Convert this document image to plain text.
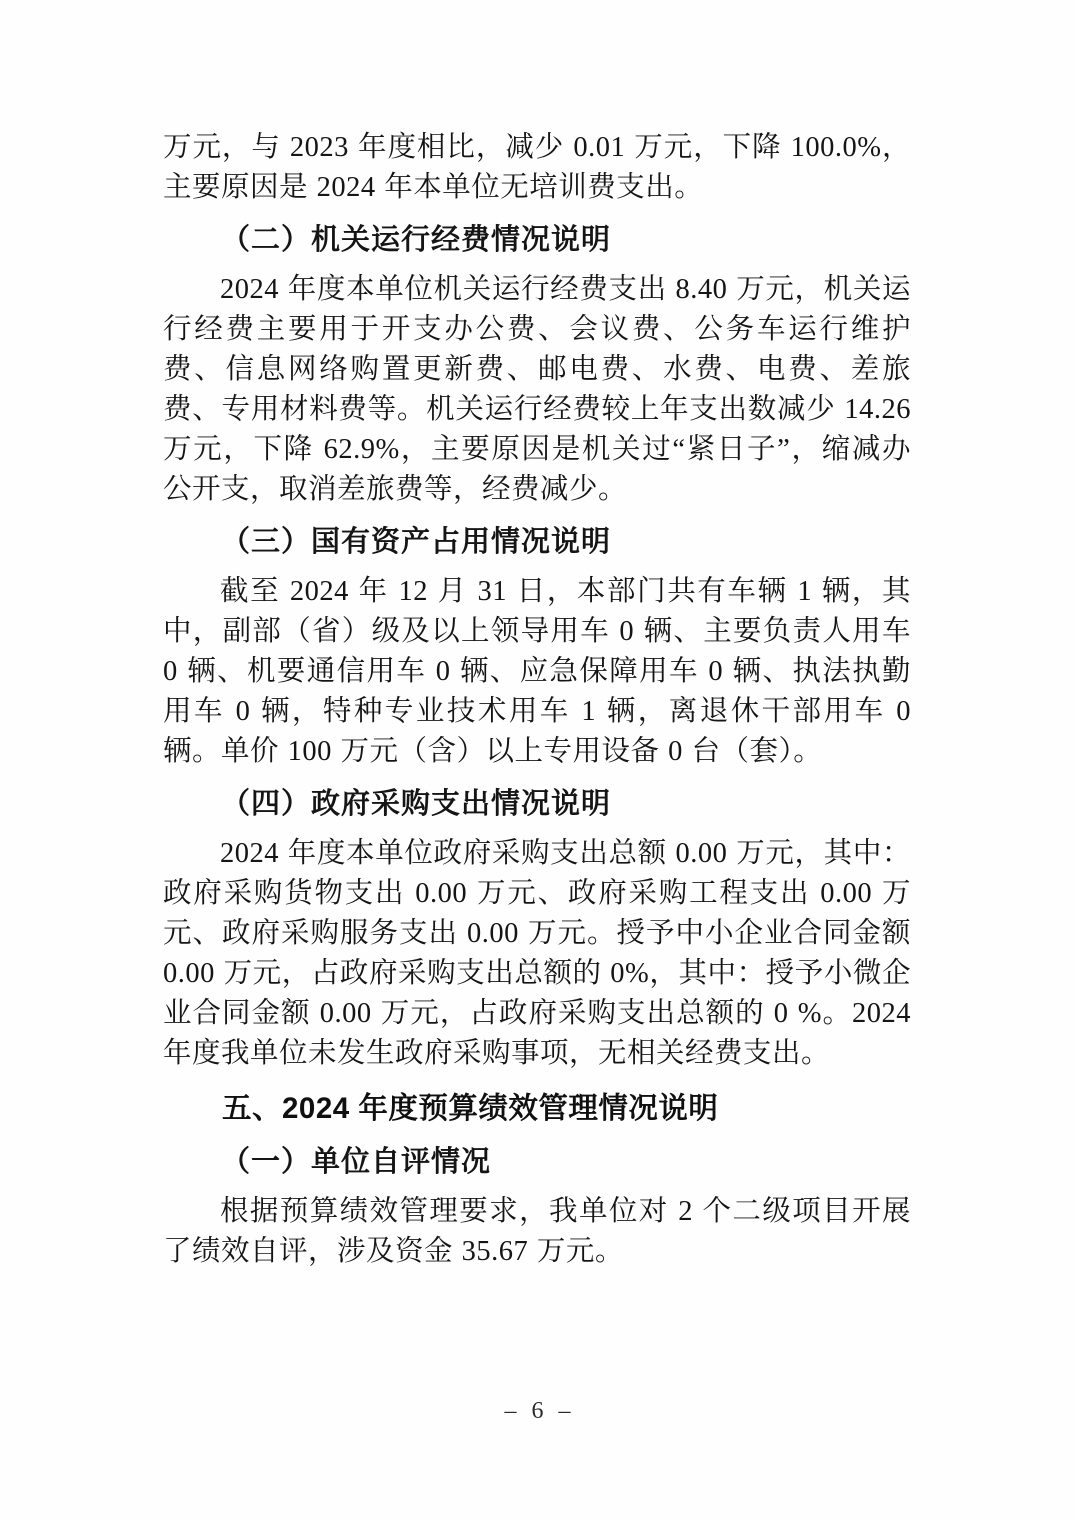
万元，与 2023 年度相比，减少 0.01 万元，下降 100.0%，主要原因是 2024 年本单位无培训费支出。

（二）机关运行经费情况说明

2024 年度本单位机关运行经费支出 8.40 万元，机关运行经费主要用于开支办公费、会议费、公务车运行维护费、信息网络购置更新费、邮电费、水费、电费、差旅费、专用材料费等。机关运行经费较上年支出数减少 14.26 万元，下降 62.9%，主要原因是机关过“紧日子”，缩减办公开支，取消差旅费等，经费减少。

（三）国有资产占用情况说明

截至 2024 年 12 月 31 日，本部门共有车辆 1 辆，其中，副部（省）级及以上领导用车 0 辆、主要负责人用车 0 辆、机要通信用车 0 辆、应急保障用车 0 辆、执法执勤用车 0 辆，特种专业技术用车 1 辆，离退休干部用车 0 辆。单价 100 万元（含）以上专用设备 0 台（套）。

（四）政府采购支出情况说明

2024 年度本单位政府采购支出总额 0.00 万元，其中：政府采购货物支出 0.00 万元、政府采购工程支出 0.00 万元、政府采购服务支出 0.00 万元。授予中小企业合同金额 0.00 万元，占政府采购支出总额的 0%，其中：授予小微企业合同金额 0.00 万元，占政府采购支出总额的 0 %。2024 年度我单位未发生政府采购事项，无相关经费支出。

五、2024 年度预算绩效管理情况说明
（一）单位自评情况

根据预算绩效管理要求，我单位对 2 个二级项目开展了绩效自评，涉及资金 35.67 万元。

– 6 –
